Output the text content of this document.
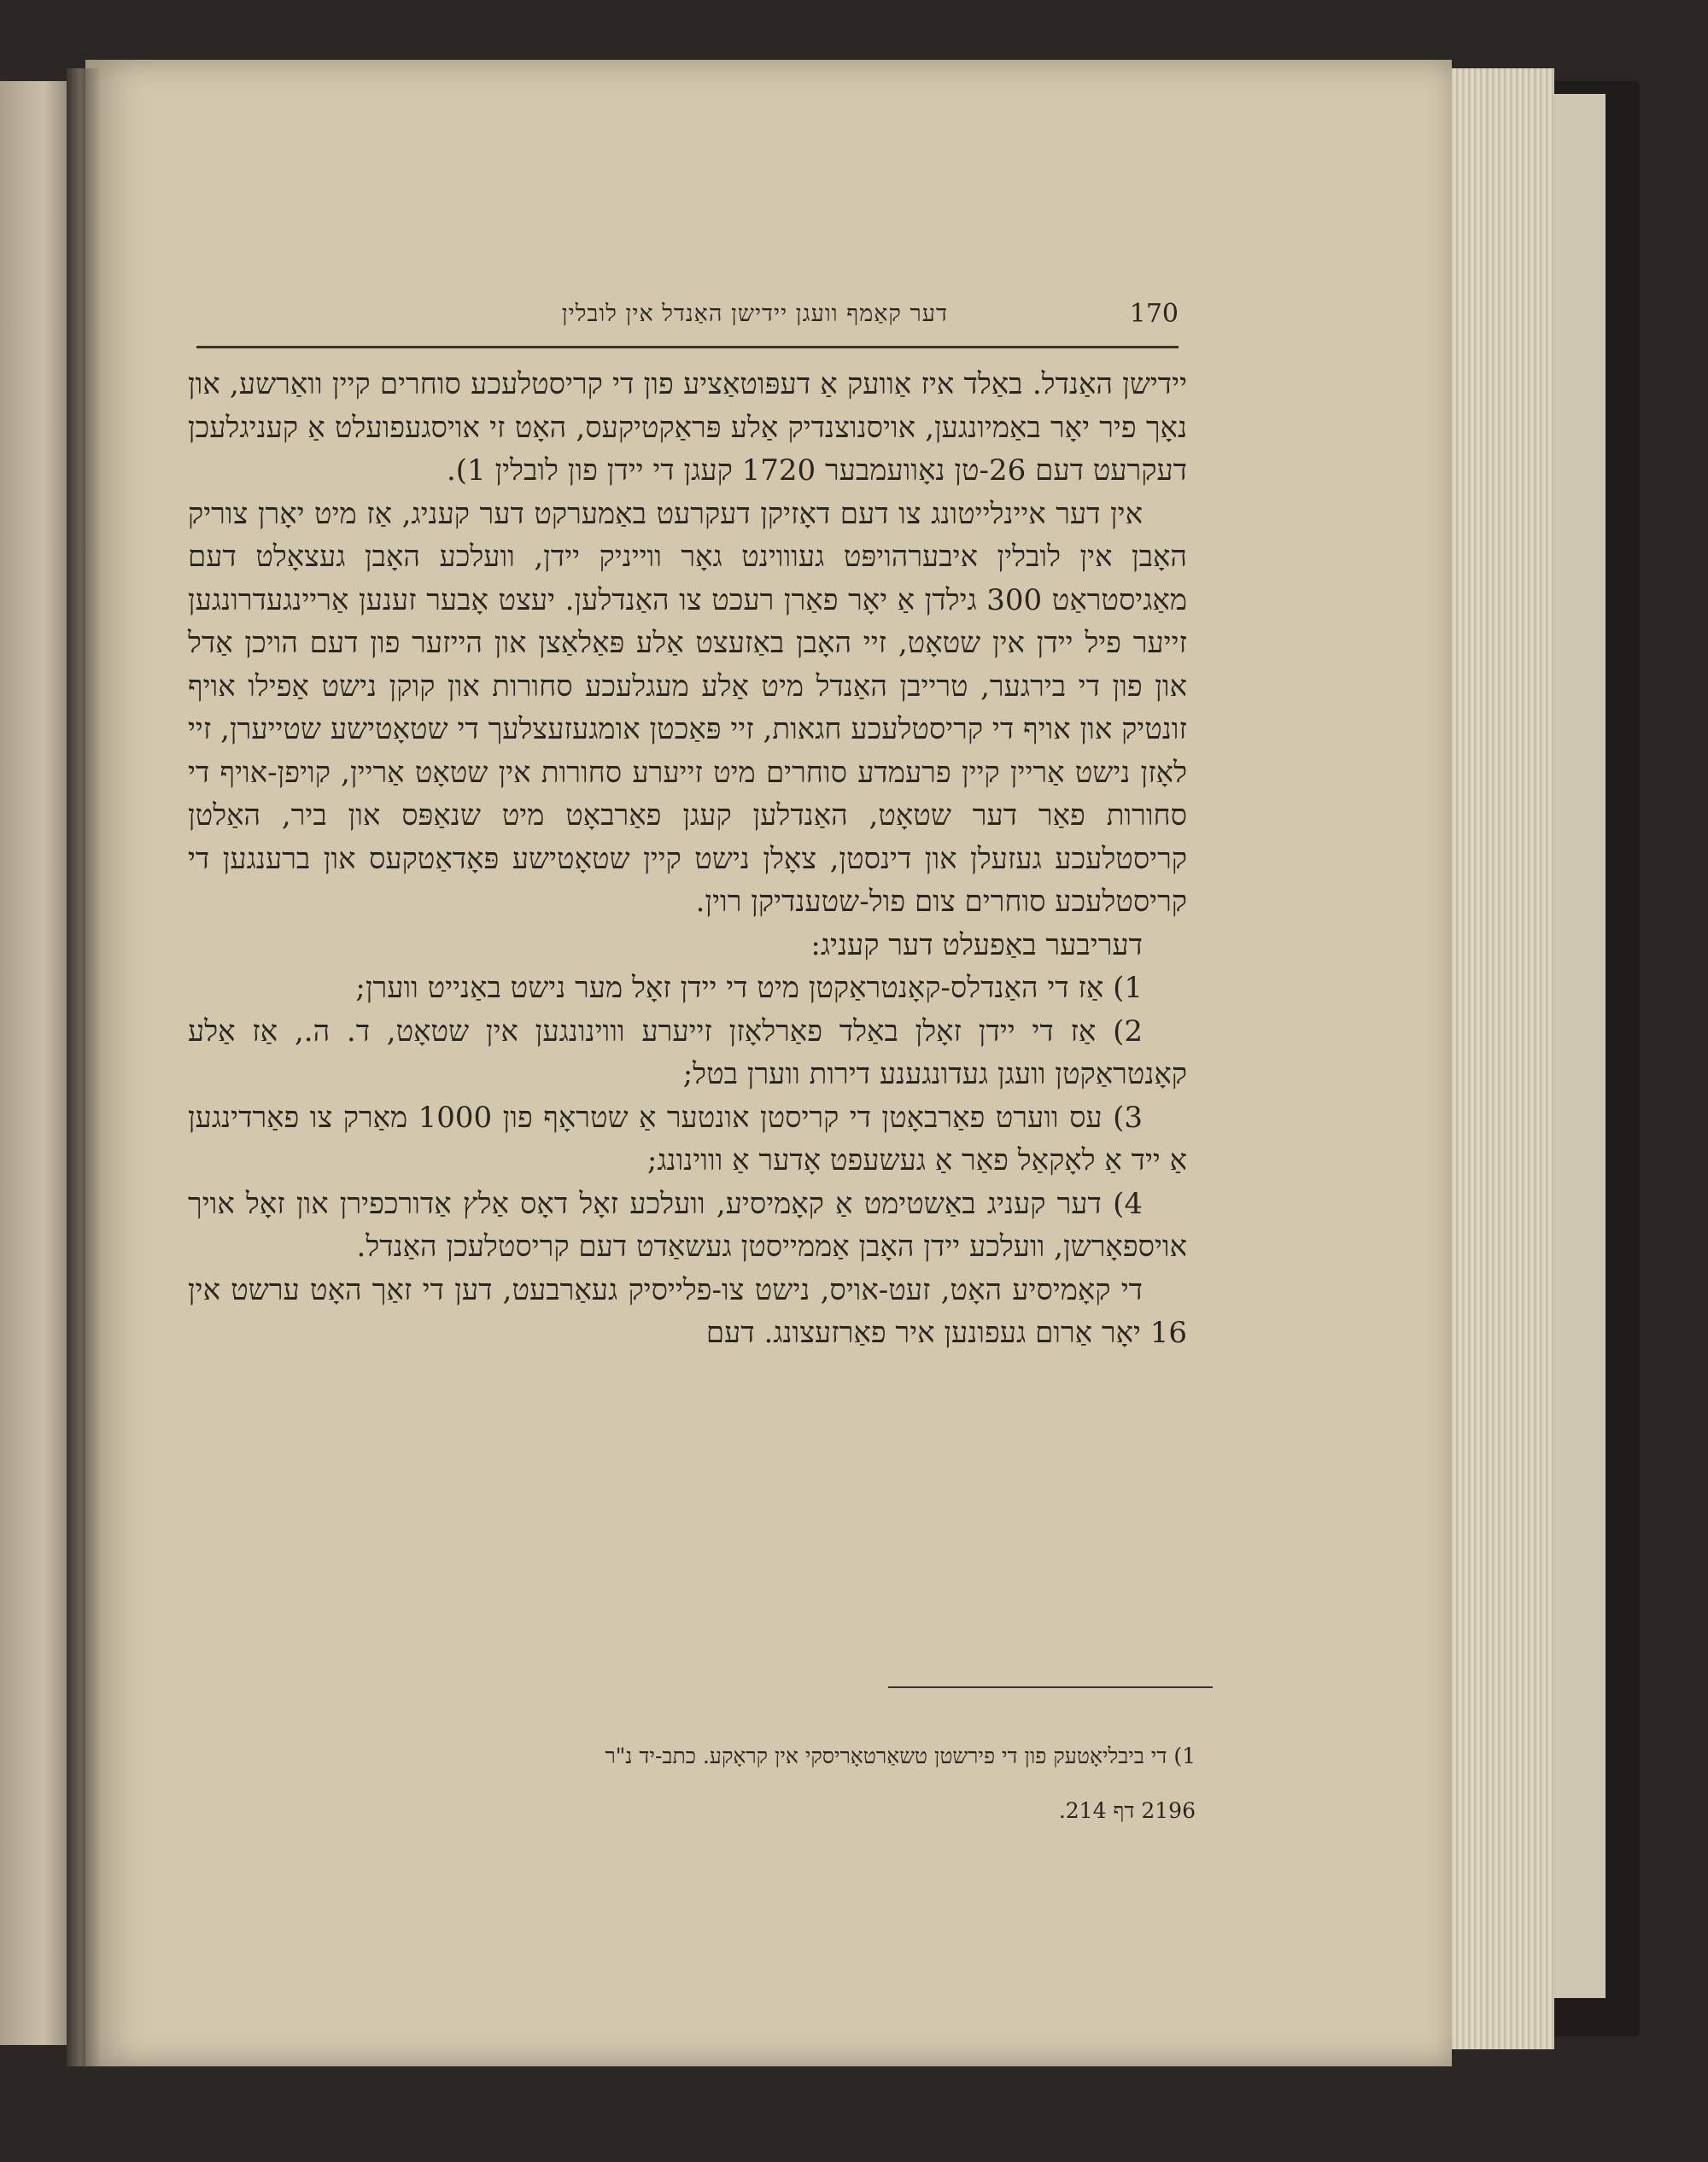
170
דער קאַמף וועגן יידישן האַנדל אין לובלין

יידישן האַנדל. באַלד איז אַוועק אַ דעפּוטאַציע פון די קריסטלעכע סוחרים קיין וואַרשע, און נאָך פיר יאָר באַמיונגען, אויסנוצנדיק אַלע פּראַקטיקעס, האָט זי אויסגעפועלט אַ קעניגלעכן דעקרעט דעם 26-טן נאָוועמבער 1720 קעגן די יידן פון לובלין 1).

אין דער איינלייטונג צו דעם דאָזיקן דעקרעט באַמערקט דער קעניג, אַז מיט יאָרן צוריק האָבן אין לובלין איבערהויפּט געוווינט גאָר ווייניק יידן, וועלכע האָבן געצאָלט דעם מאַגיסטראַט 300 גילדן אַ יאָר פאַרן רעכט צו האַנדלען. יעצט אָבער זענען אַריינגעדרונגען זייער פיל יידן אין שטאָט, זיי האָבן באַזעצט אַלע פּאַלאַצן און הייזער פון דעם הויכן אַדל און פון די בירגער, טרייבן האַנדל מיט אַלע מעגלעכע סחורות און קוקן נישט אַפילו אויף זונטיק און אויף די קריסטלעכע חגאות, זיי פּאַכטן אומגעזעצלעך די שטאָטישע שטייערן, זיי לאָזן נישט אַריין קיין פרעמדע סוחרים מיט זייערע סחורות אין שטאָט אַריין, קויפן-אויף די סחורות פאַר דער שטאָט, האַנדלען קעגן פאַרבאָט מיט שנאַפּס און ביר, האַלטן קריסטלעכע געזעלן און דינסטן, צאָלן נישט קיין שטאָטישע פּאָדאַטקעס און ברענגען די קריסטלעכע סוחרים צום פול-שטענדיקן רוין.

דעריבער באַפעלט דער קעניג:

1) אַז די האַנדלס-קאָנטראַקטן מיט די יידן זאָל מער נישט באַנייט ווערן;

2) אַז די יידן זאָלן באַלד פאַרלאָזן זייערע וווינונגען אין שטאָט, ד. ה., אַז אַלע קאָנטראַקטן וועגן געדונגענע דירות ווערן בטל;

3) עס ווערט פאַרבאָטן די קריסטן אונטער אַ שטראָף פון 1000 מאַרק צו פאַרדינגען אַ ייד אַ לאָקאַל פאַר אַ געשעפט אָדער אַ וווינונג;

4) דער קעניג באַשטימט אַ קאָמיסיע, וועלכע זאָל דאָס אַלץ אַדורכפירן און זאָל אויך אויספאָרשן, וועלכע יידן האָבן אַממייסטן געשאַדט דעם קריסטלעכן האַנדל.

די קאָמיסיע האָט, זעט-אויס, נישט צו-פלייסיק געאַרבעט, דען די זאַך האָט ערשט אין 16 יאָר אַרום געפונען איר פאַרזעצונג. דעם

1) די ביבליאָטעק פון די פירשטן טשאַרטאָריסקי אין קראָקע. כתב-יד נ"ר

2196 דף 214.
